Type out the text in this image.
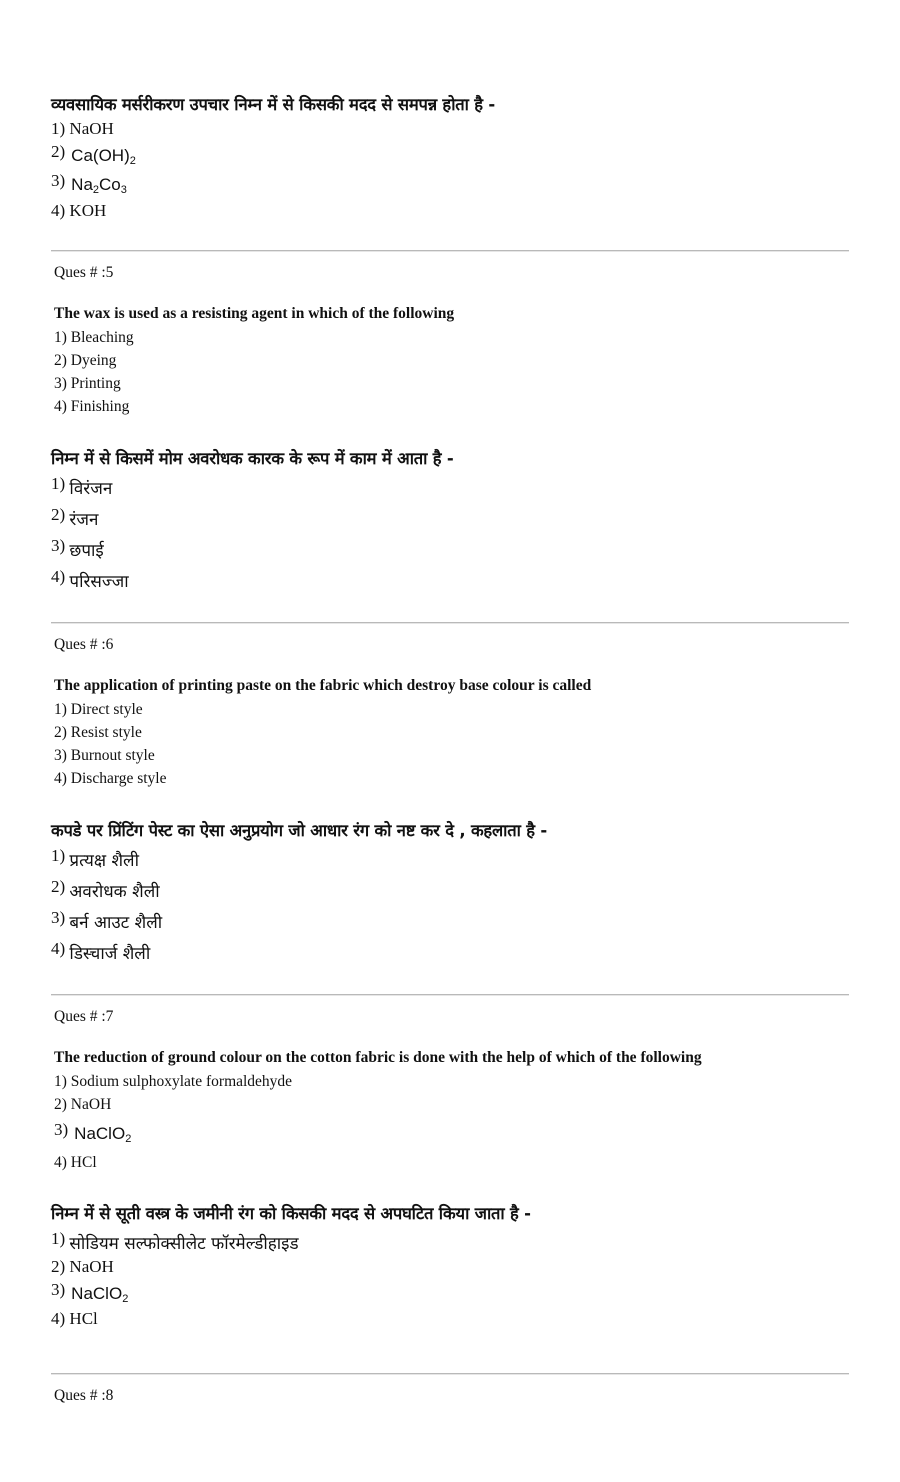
व्यवसायिक मर्सरीकरण उपचार निम्न में से किसकी मदद से समपन्न होता है -
1) NaOH
2) $Ca(OH)_2$
3) $Na_2Co_3$
4) KOH
Ques # :5
The wax is used as a resisting agent in which of the following
1) Bleaching
2) Dyeing
3) Printing
4) Finishing
निम्न में से किसमें मोम अवरोधक कारक के रूप में काम में आता है -
1) विरंजन
2) रंजन
3) छपाई
4) परिसज्जा
Ques # :6
The application of printing paste on the fabric which destroy base colour is called
1) Direct style
2) Resist style
3) Burnout style
4) Discharge style
कपडे पर प्रिंटिंग पेस्ट का ऐसा अनुप्रयोग जो आधार रंग को नष्ट कर दे , कहलाता है -
1) प्रत्यक्ष शैली
2) अवरोधक शैली
3) बर्न आउट शैली
4) डिस्चार्ज शैली
Ques # :7
The reduction of ground colour on the cotton fabric is done with the help of which of the following
1) Sodium sulphoxylate formaldehyde
2) NaOH
3) NaClO$_2$
4) HCl
निम्न में से सूती वस्त्र के जमीनी रंग को किसकी मदद से अपघटित किया जाता है -
1) सोडियम सल्फोक्सीलेट फॉरमेल्डीहाइड
2) NaOH
3) NaClO$_2$
4) HCl
Ques # :8
